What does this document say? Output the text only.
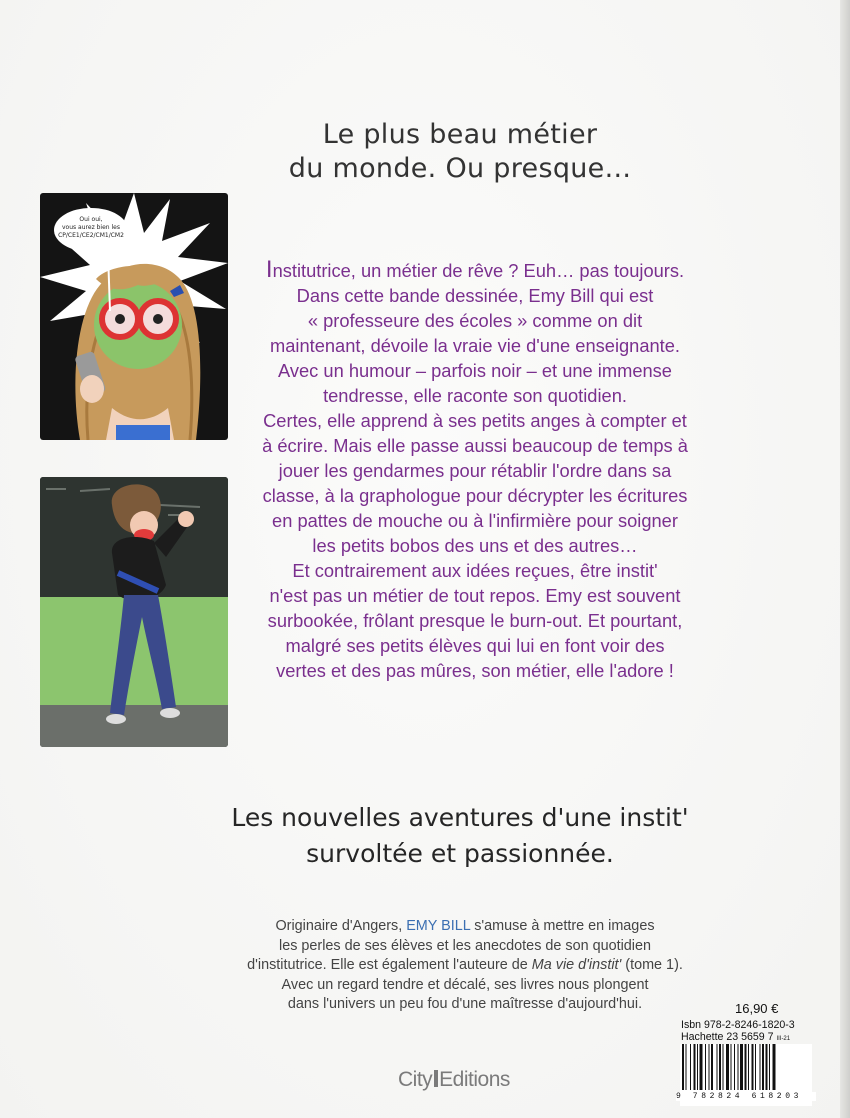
Le plus beau métier
du monde. Ou presque...
Oui oui,
vous aurez bien les
CP/CE1/CE2/CM1/CM2

Institutrice, un métier de rêve ? Euh… pas toujours.

Dans cette bande dessinée, Emy Bill qui est

« professeure des écoles » comme on dit

maintenant, dévoile la vraie vie d'une enseignante.

Avec un humour – parfois noir – et une immense

tendresse, elle raconte son quotidien.

Certes, elle apprend à ses petits anges à compter et

à écrire. Mais elle passe aussi beaucoup de temps à

jouer les gendarmes pour rétablir l'ordre dans sa

classe, à la graphologue pour décrypter les écritures

en pattes de mouche ou à l'infirmière pour soigner

les petits bobos des uns et des autres…

Et contrairement aux idées reçues, être instit'

n'est pas un métier de tout repos. Emy est souvent

surbookée, frôlant presque le burn-out. Et pourtant,

malgré ses petits élèves qui lui en font voir des

vertes et des pas mûres, son métier, elle l'adore !

Les nouvelles aventures d'une instit'
survoltée et passionnée.
Originaire d'Angers, EMY BILL s'amuse à mettre en images
les perles de ses élèves et les anecdotes de son quotidien
d'institutrice. Elle est également l'auteure de Ma vie d'instit' (tome 1).
Avec un regard tendre et décalé, ses livres nous plongent
dans l'univers un peu fou d'une maîtresse d'aujourd'hui.	16,90 €
Isbn 978-2-8246-1820-3
Hachette 23 5659 7 III-21
9 782824 618203
City Editions
